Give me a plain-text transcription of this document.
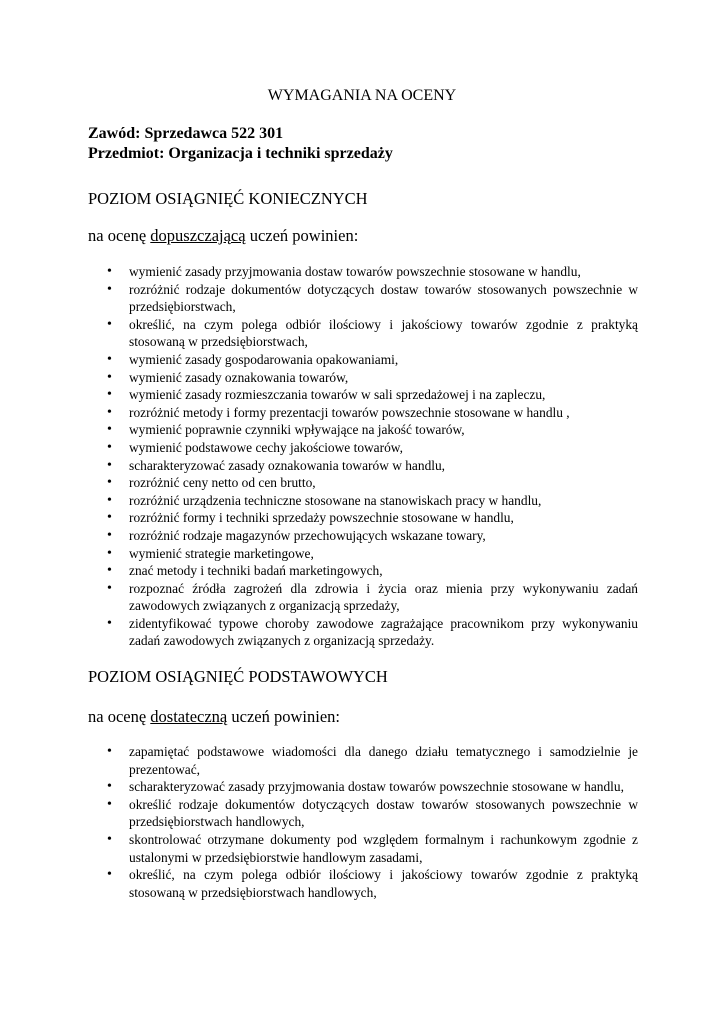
WYMAGANIA NA OCENY
Zawód: Sprzedawca 522 301
Przedmiot: Organizacja i techniki sprzedaży
POZIOM OSIĄGNIĘĆ KONIECZNYCH
na ocenę dopuszczającą uczeń powinien:
• wymienić zasady przyjmowania dostaw towarów powszechnie stosowane w handlu,
• rozróżnić rodzaje dokumentów dotyczących dostaw towarów stosowanych powszechnie w przedsiębiorstwach,
• określić, na czym polega odbiór ilościowy i jakościowy towarów zgodnie z praktyką stosowaną w przedsiębiorstwach,
• wymienić zasady gospodarowania opakowaniami,
• wymienić zasady oznakowania towarów,
• wymienić zasady rozmieszczania towarów w sali sprzedażowej i na zapleczu,
• rozróżnić metody i formy prezentacji towarów powszechnie stosowane w handlu ,
• wymienić poprawnie czynniki wpływające na jakość towarów,
• wymienić podstawowe cechy jakościowe towarów,
• scharakteryzować zasady oznakowania towarów w handlu,
• rozróżnić ceny netto od cen brutto,
• rozróżnić urządzenia techniczne stosowane na stanowiskach pracy w handlu,
• rozróżnić formy i techniki sprzedaży powszechnie stosowane w handlu,
• rozróżnić rodzaje magazynów przechowujących wskazane towary,
• wymienić strategie marketingowe,
• znać metody i techniki badań marketingowych,
• rozpoznać źródła zagrożeń dla zdrowia i życia oraz mienia przy wykonywaniu zadań zawodowych związanych z organizacją sprzedaży,
• zidentyfikować typowe choroby zawodowe zagrażające pracownikom przy wykonywaniu zadań zawodowych związanych z organizacją sprzedaży.
POZIOM OSIĄGNIĘĆ PODSTAWOWYCH
na ocenę dostateczną uczeń powinien:
• zapamiętać podstawowe wiadomości dla danego działu tematycznego i samodzielnie je prezentować,
• scharakteryzować zasady przyjmowania dostaw towarów powszechnie stosowane w handlu,
• określić rodzaje dokumentów dotyczących dostaw towarów stosowanych powszechnie w przedsiębiorstwach handlowych,
• skontrolować otrzymane dokumenty pod względem formalnym i rachunkowym zgodnie z ustalonymi w przedsiębiorstwie handlowym zasadami,
• określić, na czym polega odbiór ilościowy i jakościowy towarów zgodnie z praktyką stosowaną w przedsiębiorstwach handlowych,
